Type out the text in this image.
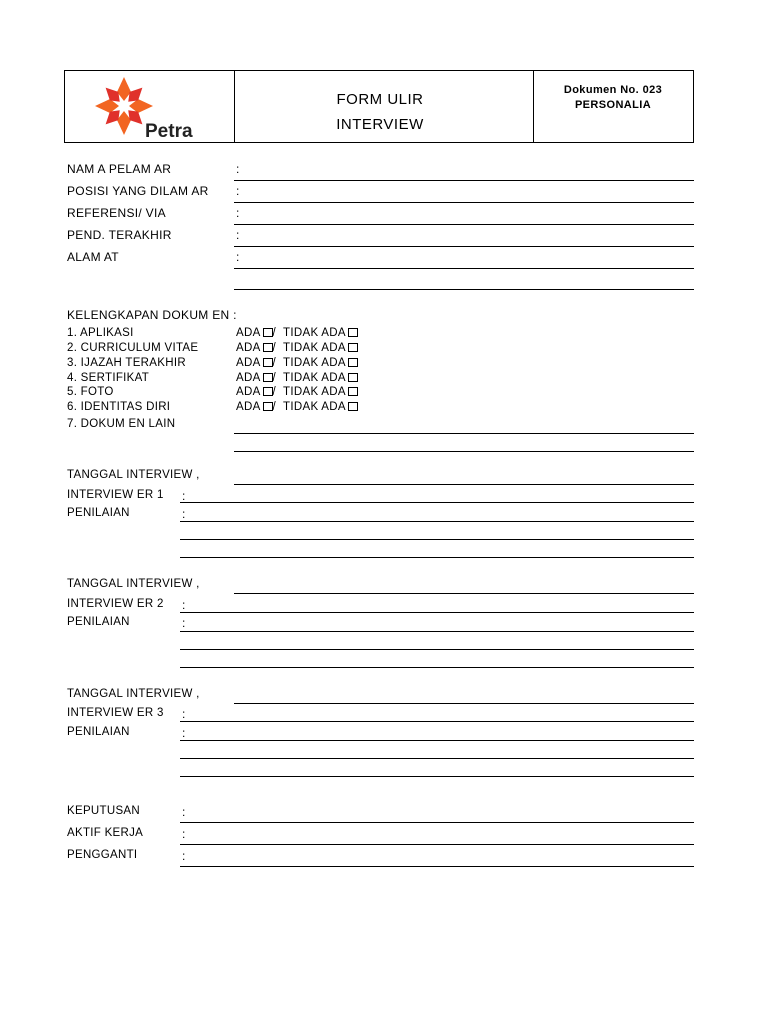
Petra
FORM ULIR
INTERVIEW
Dokumen No. 023
PERSONALIA
NAM A PELAM AR	:
POSISI YANG DILAM AR :
REFERENSI/ VIA	:
PEND. TERAKHIR	:
ALAM AT	:
KELENGKAPAN DOKUM EN :
1. APLIKASI	ADA / TIDAK ADA
2. CURRICULUM VITAE	ADA / TIDAK ADA
3. IJAZAH TERAKHIR	ADA / TIDAK ADA
4. SERTIFIKAT	ADA / TIDAK ADA
5. FOTO	ADA / TIDAK ADA
6. IDENTITAS DIRI	ADA / TIDAK ADA
7. DOKUM EN LAIN
TANGGAL INTERVIEW ,
INTERVIEW ER 1 :
PENILAIAN	:
TANGGAL INTERVIEW ,
INTERVIEW ER 2 :
PENILAIAN	:
TANGGAL INTERVIEW ,
INTERVIEW ER 3 :
PENILAIAN	:
KEPUTUSAN	:
AKTIF KERJA	:
PENGGANTI	:
